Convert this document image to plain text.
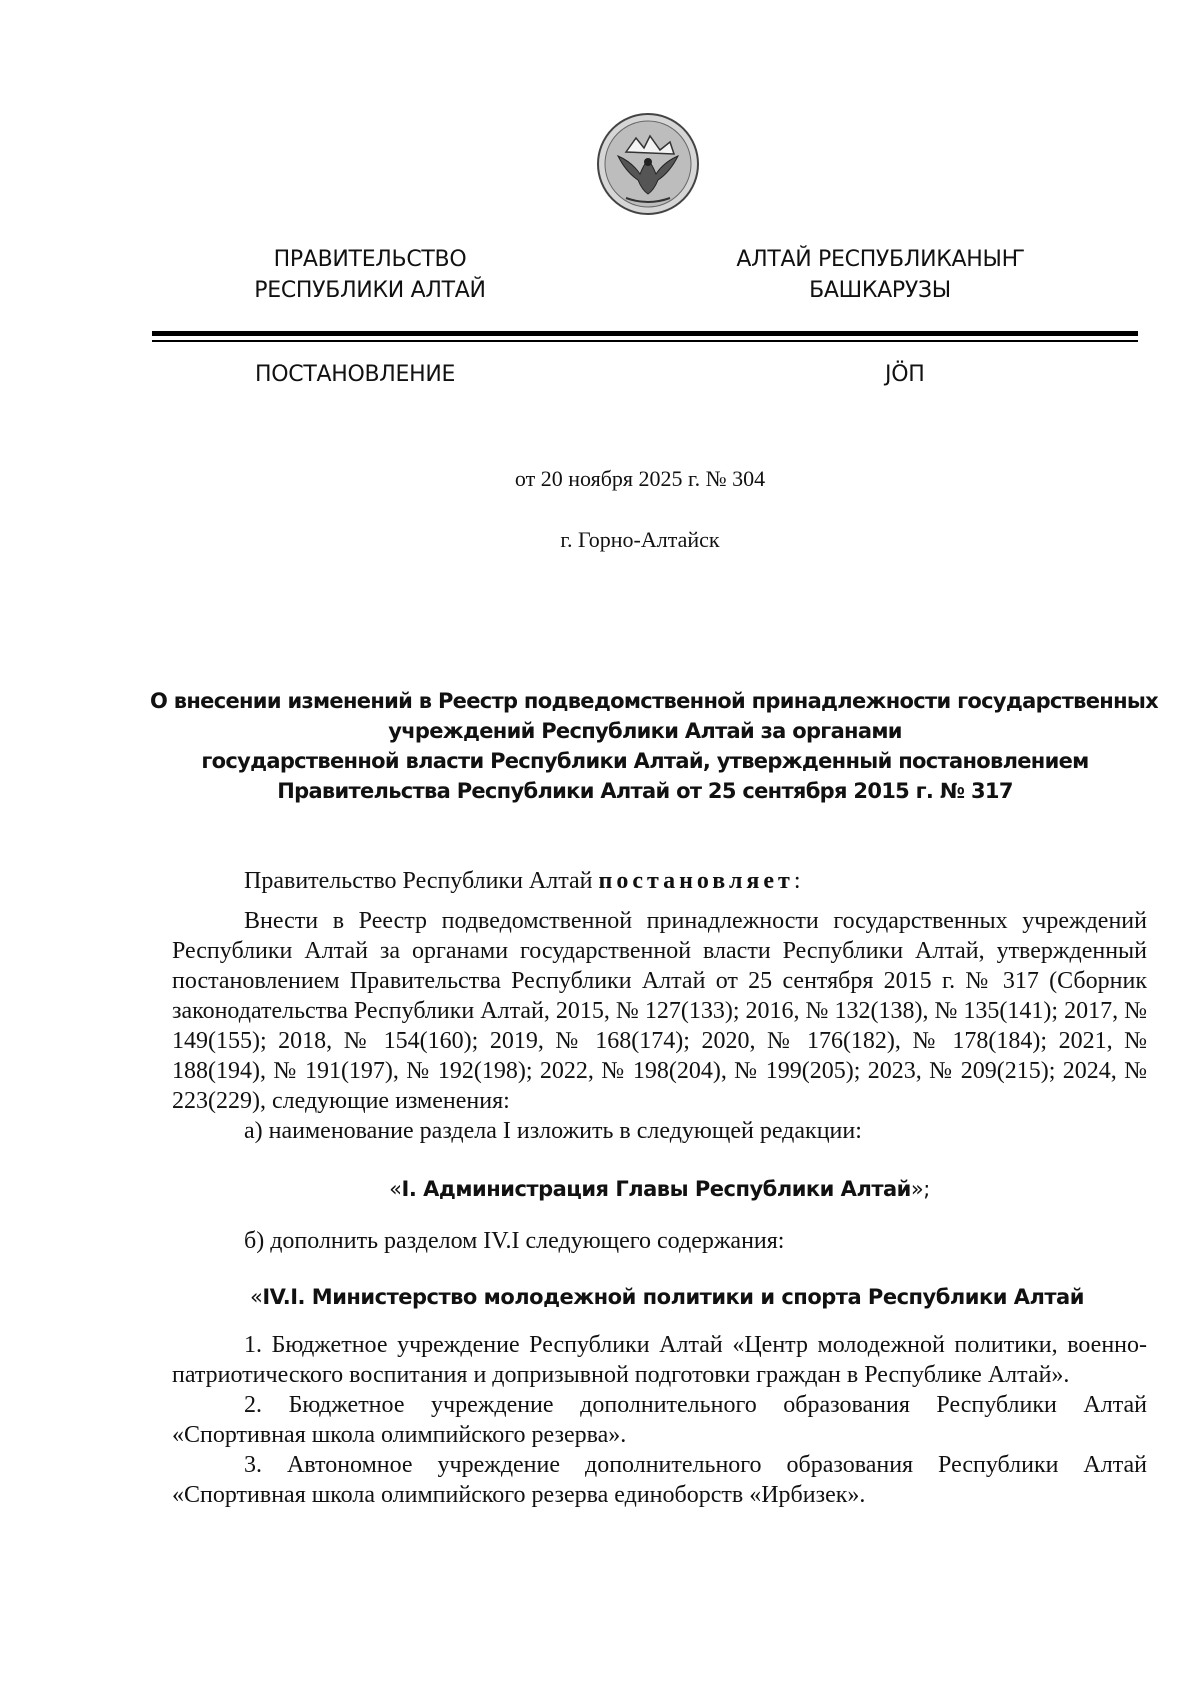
ПРАВИТЕЛЬСТВО
РЕСПУБЛИКИ АЛТАЙ
АЛТАЙ РЕСПУБЛИКАНЫҤ
БАШКАРУЗЫ
ПОСТАНОВЛЕНИЕ	JÖП
от 20 ноября 2025 г. № 304
г. Горно-Алтайск
О внесении изменений в Реестр подведомственной принадлежности государственных
учреждений Республики Алтай за органами
государственной власти Республики Алтай, утвержденный постановлением
Правительства Республики Алтай от 25 сентября 2015 г. № 317

Правительство Республики Алтай постановляет:

Внести в Реестр подведомственной принадлежности государственных учреждений Республики Алтай за органами государственной власти Республики Алтай, утвержденный постановлением Правительства Республики Алтай от 25 сентября 2015 г. № 317 (Сборник законодательства Республики Алтай, 2015, № 127(133); 2016, № 132(138), № 135(141); 2017, № 149(155); 2018, № 154(160); 2019, № 168(174); 2020, № 176(182), № 178(184); 2021, № 188(194), № 191(197), № 192(198); 2022, № 198(204), № 199(205); 2023, № 209(215); 2024, № 223(229), следующие изменения:

а) наименование раздела I изложить в следующей редакции:

«I. Администрация Главы Республики Алтай»;

б) дополнить разделом IV.I следующего содержания:

«IV.I. Министерство молодежной политики и спорта Республики Алтай

1. Бюджетное учреждение Республики Алтай «Центр молодежной политики, военно-патриотического воспитания и допризывной подготовки граждан в Республике Алтай».

2. Бюджетное учреждение дополнительного образования Республики Алтай «Спортивная школа олимпийского резерва».

3. Автономное учреждение дополнительного образования Республики Алтай «Спортивная школа олимпийского резерва единоборств «Ирбизек».
